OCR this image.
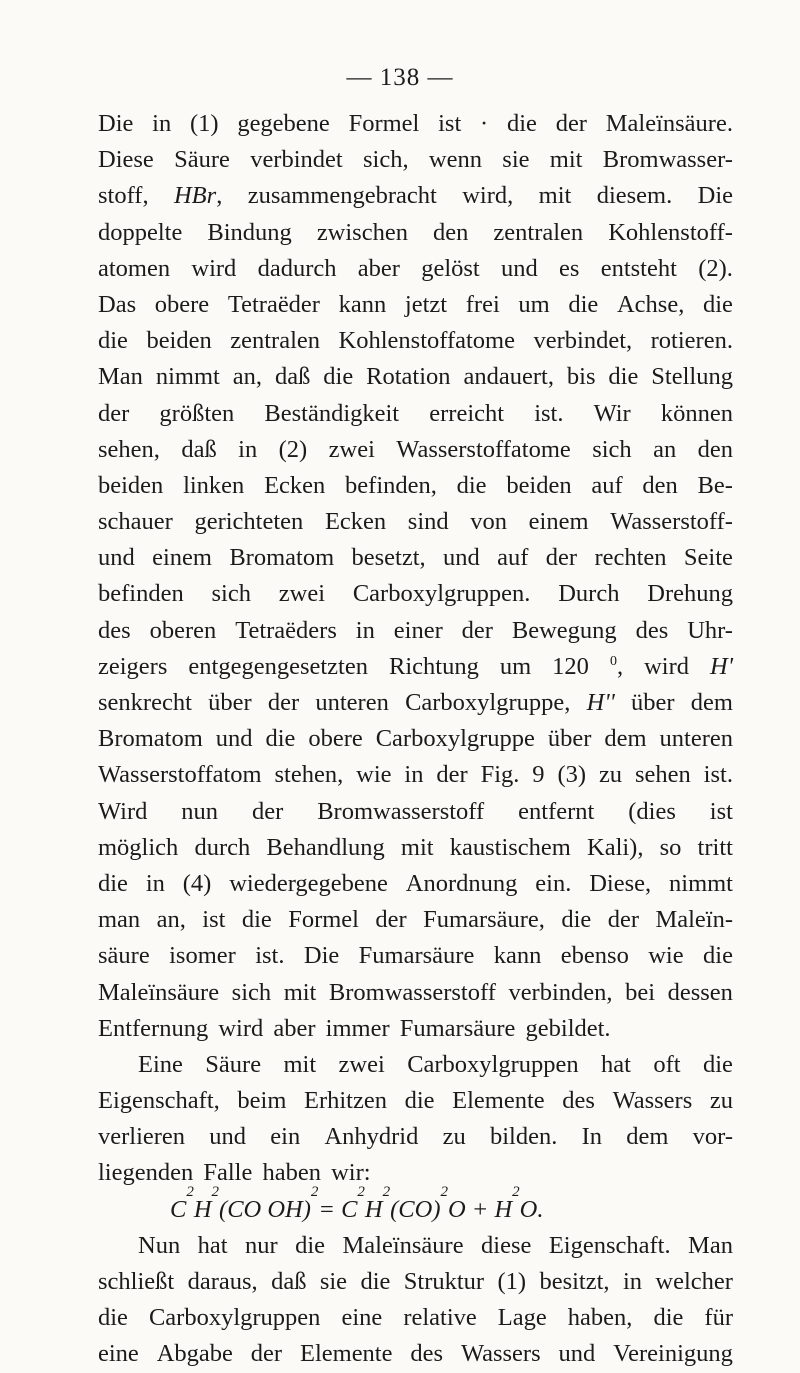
— 138 —
Die in (1) gegebene Formel ist · die der Maleïnsäure.
Diese Säure verbindet sich, wenn sie mit Bromwasser-
stoff, HBr, zusammengebracht wird, mit diesem. Die
doppelte Bindung zwischen den zentralen Kohlenstoff-
atomen wird dadurch aber gelöst und es entsteht (2).
Das obere Tetraëder kann jetzt frei um die Achse, die
die beiden zentralen Kohlenstoffatome verbindet, rotieren.
Man nimmt an, daß die Rotation andauert, bis die Stellung
der größten Beständigkeit erreicht ist. Wir können
sehen, daß in (2) zwei Wasserstoffatome sich an den
beiden linken Ecken befinden, die beiden auf den Be-
schauer gerichteten Ecken sind von einem Wasserstoff-
und einem Bromatom besetzt, und auf der rechten Seite
befinden sich zwei Carboxylgruppen. Durch Drehung
des oberen Tetraëders in einer der Bewegung des Uhr-
zeigers entgegengesetzten Richtung um 120 $^0$, wird H'
senkrecht über der unteren Carboxylgruppe, H'' über dem
Bromatom und die obere Carboxylgruppe über dem unteren
Wasserstoffatom stehen, wie in der Fig. 9 (3) zu sehen ist.
Wird nun der Bromwasserstoff entfernt (dies ist
möglich durch Behandlung mit kaustischem Kali), so tritt
die in (4) wiedergegebene Anordnung ein. Diese, nimmt
man an, ist die Formel der Fumarsäure, die der Maleïn-
säure isomer ist. Die Fumarsäure kann ebenso wie die
Maleïnsäure sich mit Bromwasserstoff verbinden, bei dessen
Entfernung wird aber immer Fumarsäure gebildet.
Eine Säure mit zwei Carboxylgruppen hat oft die
Eigenschaft, beim Erhitzen die Elemente des Wassers zu
verlieren und ein Anhydrid zu bilden. In dem vor-
liegenden Falle haben wir:
C
2
H
2
(CO OH)
2
= C
2
H
2
(CO)
2
O + H
2
O.
Nun hat nur die Maleïnsäure diese Eigenschaft. Man
schließt daraus, daß sie die Struktur (1) besitzt, in welcher
die Carboxylgruppen eine relative Lage haben, die für
eine Abgabe der Elemente des Wassers und Vereinigung
